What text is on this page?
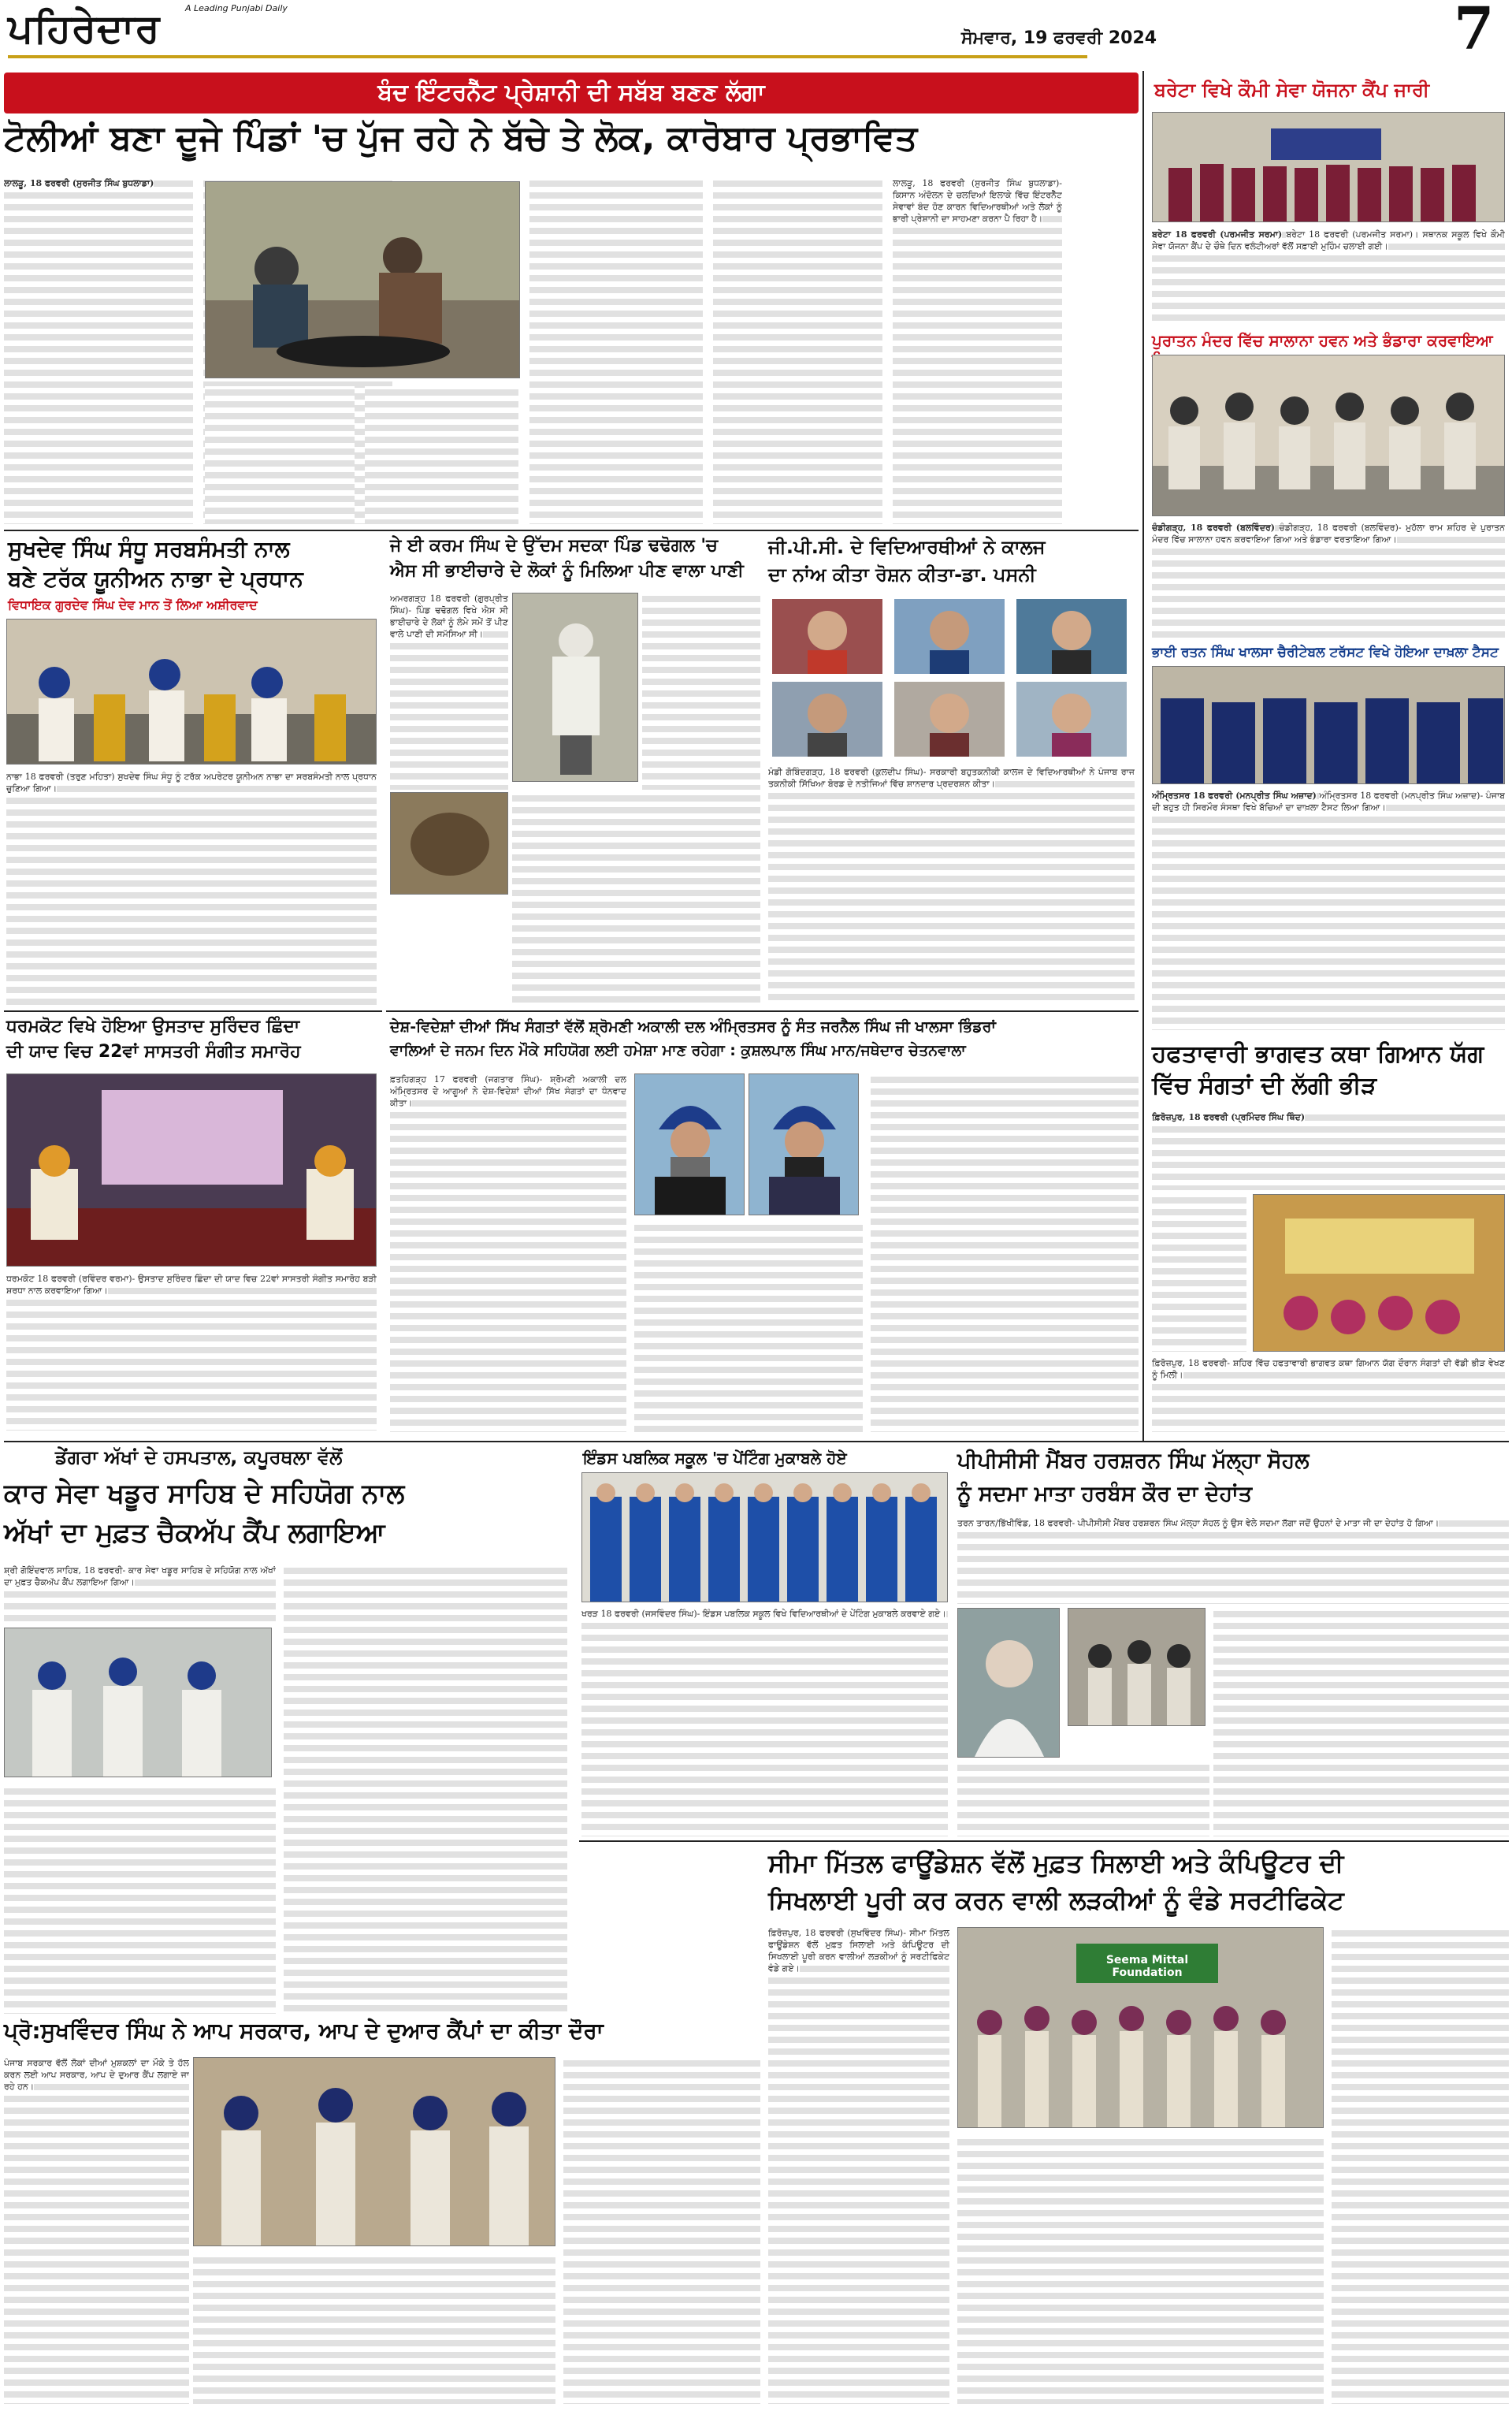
ਪਹਿਰੇਦਾਰ	A Leading Punjabi Daily
ਸੋਮਵਾਰ, 19 ਫਰਵਰੀ 2024	7
ਬੰਦ ਇੰਟਰਨੈੱਟ ਪ੍ਰੇਸ਼ਾਨੀ ਦੀ ਸਬੱਬ ਬਣਣ ਲੱਗਾ
ਟੋਲੀਆਂ ਬਣਾ ਦੂਜੇ ਪਿੰਡਾਂ 'ਚ ਪੁੱਜ ਰਹੇ ਨੇ ਬੱਚੇ ਤੇ ਲੋਕ, ਕਾਰੋਬਾਰ ਪ੍ਰਭਾਵਿਤ
ਲਾਲੜੂ, 18 ਫਰਵਰੀ (ਸੁਰਜੀਤ ਸਿੰਘ ਬੁਧਲਾਡਾ)	ਲਾਲੜੂ, 18 ਫਰਵਰੀ (ਸੁਰਜੀਤ ਸਿੰਘ ਬੁਧਲਾਡਾ)- ਕਿਸਾਨ ਅੰਦੋਲਨ ਦੇ ਚਲਦਿਆਂ ਇਲਾਕੇ ਵਿੱਚ ਇੰਟਰਨੈੱਟ ਸੇਵਾਵਾਂ ਬੰਦ ਹੋਣ ਕਾਰਨ ਵਿਦਿਆਰਥੀਆਂ ਅਤੇ ਲੋਕਾਂ ਨੂੰ ਭਾਰੀ ਪ੍ਰੇਸ਼ਾਨੀ ਦਾ ਸਾਹਮਣਾ ਕਰਨਾ ਪੈ ਰਿਹਾ ਹੈ।
ਬਰੇਟਾ ਵਿਖੇ ਕੌਮੀ ਸੇਵਾ ਯੋਜਨਾ ਕੈਂਪ ਜਾਰੀ
ਬਰੇਟਾ 18 ਫਰਵਰੀ (ਪਰਮਜੀਤ ਸਰਮਾ) ਬਰੇਟਾ 18 ਫਰਵਰੀ (ਪਰਮਜੀਤ ਸਰਮਾ)। ਸਥਾਨਕ ਸਕੂਲ ਵਿਖੇ ਕੌਮੀ ਸੇਵਾ ਯੋਜਨਾ ਕੈਂਪ ਦੇ ਚੌਥੇ ਦਿਨ ਵਲੰਟੀਅਰਾਂ ਵੱਲੋਂ ਸਫ਼ਾਈ ਮੁਹਿੰਮ ਚਲਾਈ ਗਈ।
ਪੁਰਾਤਨ ਮੰਦਰ ਵਿੱਚ ਸਾਲਾਨਾ ਹਵਨ ਅਤੇ ਭੰਡਾਰਾ ਕਰਵਾਇਆ
ਚੰਡੀਗੜ੍ਹ, 18 ਫਰਵਰੀ (ਬਲਵਿੰਦਰ) ਚੰਡੀਗੜ੍ਹ, 18 ਫਰਵਰੀ (ਬਲਵਿੰਦਰ)- ਮੁਹੱਲਾ ਰਾਮ ਸ਼ਹਿਰ ਦੇ ਪੁਰਾਤਨ ਮੰਦਰ ਵਿੱਚ ਸਾਲਾਨਾ ਹਵਨ ਕਰਵਾਇਆ ਗਿਆ ਅਤੇ ਭੰਡਾਰਾ ਵਰਤਾਇਆ ਗਿਆ।
ਭਾਈ ਰਤਨ ਸਿੰਘ ਖਾਲਸਾ ਚੈਰੀਟੇਬਲ ਟਰੱਸਟ ਵਿਖੇ ਹੋਇਆ ਦਾਖ਼ਲਾ ਟੈਸਟ
ਅੰਮ੍ਰਿਤਸਰ 18 ਫਰਵਰੀ (ਮਨਪ੍ਰੀਤ ਸਿੰਘ ਅਜ਼ਾਦ) ਅੰਮ੍ਰਿਤਸਰ 18 ਫਰਵਰੀ (ਮਨਪ੍ਰੀਤ ਸਿੰਘ ਅਜ਼ਾਦ)- ਪੰਜਾਬ ਦੀ ਬਹੁਤ ਹੀ ਸਿਰਮੌਰ ਸੰਸਥਾ ਵਿਖੇ ਬੱਚਿਆਂ ਦਾ ਦਾਖ਼ਲਾ ਟੈਸਟ ਲਿਆ ਗਿਆ।
ਹਫਤਾਵਾਰੀ ਭਾਗਵਤ ਕਥਾ ਗਿਆਨ ਯੱਗ ਵਿੱਚ ਸੰਗਤਾਂ ਦੀ ਲੱਗੀ ਭੀੜ
ਫ਼ਿਰੋਜ਼ਪੁਰ, 18 ਫਰਵਰੀ (ਪ੍ਰਮਿੰਦਰ ਸਿੰਘ ਥਿੰਦ)
ਫ਼ਿਰੋਜ਼ਪੁਰ, 18 ਫਰਵਰੀ- ਸ਼ਹਿਰ ਵਿੱਚ ਹਫਤਾਵਾਰੀ ਭਾਗਵਤ ਕਥਾ ਗਿਆਨ ਯੱਗ ਦੌਰਾਨ ਸੰਗਤਾਂ ਦੀ ਵੱਡੀ ਭੀੜ ਵੇਖਣ ਨੂੰ ਮਿਲੀ।
ਸੁਖਦੇਵ ਸਿੰਘ ਸੰਧੂ ਸਰਬਸੰਮਤੀ ਨਾਲ
ਬਣੇ ਟਰੱਕ ਯੂਨੀਅਨ ਨਾਭਾ ਦੇ ਪ੍ਰਧਾਨ
ਵਿਧਾਇਕ ਗੁਰਦੇਵ ਸਿੰਘ ਦੇਵ ਮਾਨ ਤੋਂ ਲਿਆ ਅਸ਼ੀਰਵਾਦ
ਨਾਭਾ 18 ਫਰਵਰੀ (ਤਰੁਣ ਮਹਿਤਾ) ਸੁਖਦੇਵ ਸਿੰਘ ਸੰਧੂ ਨੂੰ ਟਰੱਕ ਅਪਰੇਟਰ ਯੂਨੀਅਨ ਨਾਭਾ ਦਾ ਸਰਬਸੰਮਤੀ ਨਾਲ ਪ੍ਰਧਾਨ ਚੁਣਿਆ ਗਿਆ।
ਜੇ ਈ ਕਰਮ ਸਿੰਘ ਦੇ ਉੱਦਮ ਸਦਕਾ ਪਿੰਡ ਢਢੋਗਲ 'ਚ
ਐਸ ਸੀ ਭਾਈਚਾਰੇ ਦੇ ਲੋਕਾਂ ਨੂੰ ਮਿਲਿਆ ਪੀਣ ਵਾਲਾ ਪਾਣੀ
ਅਮਰਗੜ੍ਹ 18 ਫਰਵਰੀ (ਗੁਰਪ੍ਰੀਤ ਸਿੰਘ)- ਪਿੰਡ ਢਢੋਗਲ ਵਿਖੇ ਐਸ ਸੀ ਭਾਈਚਾਰੇ ਦੇ ਲੋਕਾਂ ਨੂੰ ਲੰਮੇ ਸਮੇਂ ਤੋਂ ਪੀਣ ਵਾਲੇ ਪਾਣੀ ਦੀ ਸਮੱਸਿਆ ਸੀ।
ਜੀ.ਪੀ.ਸੀ. ਦੇ ਵਿਦਿਆਰਥੀਆਂ ਨੇ ਕਾਲਜ
ਦਾ ਨਾਂਅ ਕੀਤਾ ਰੋਸ਼ਨ ਕੀਤਾ-ਡਾ. ਪਸਨੀ
ਮੰਡੀ ਗੋਬਿੰਦਗੜ੍ਹ, 18 ਫਰਵਰੀ (ਕੁਲਦੀਪ ਸਿੰਘ)- ਸਰਕਾਰੀ ਬਹੁਤਕਨੀਕੀ ਕਾਲਜ ਦੇ ਵਿਦਿਆਰਥੀਆਂ ਨੇ ਪੰਜਾਬ ਰਾਜ ਤਕਨੀਕੀ ਸਿੱਖਿਆ ਬੋਰਡ ਦੇ ਨਤੀਜਿਆਂ ਵਿੱਚ ਸ਼ਾਨਦਾਰ ਪ੍ਰਦਰਸ਼ਨ ਕੀਤਾ।
ਧਰਮਕੋਟ ਵਿਖੇ ਹੋਇਆ ਉਸਤਾਦ ਸੁਰਿੰਦਰ ਛਿੰਦਾ
ਦੀ ਯਾਦ ਵਿਚ 22ਵਾਂ ਸਾਸਤਰੀ ਸੰਗੀਤ ਸਮਾਰੋਹ
ਧਰਮਕੋਟ 18 ਫਰਵਰੀ (ਰਵਿੰਦਰ ਵਰਮਾ)- ਉਸਤਾਦ ਸੁਰਿੰਦਰ ਛਿੰਦਾ ਦੀ ਯਾਦ ਵਿਚ 22ਵਾਂ ਸਾਸਤਰੀ ਸੰਗੀਤ ਸਮਾਰੋਹ ਬੜੀ ਸ਼ਰਧਾ ਨਾਲ ਕਰਵਾਇਆ ਗਿਆ।
ਦੇਸ਼-ਵਿਦੇਸ਼ਾਂ ਦੀਆਂ ਸਿੱਖ ਸੰਗਤਾਂ ਵੱਲੋਂ ਸ਼੍ਰੋਮਣੀ ਅਕਾਲੀ ਦਲ ਅੰਮ੍ਰਿਤਸਰ ਨੂੰ ਸੰਤ ਜਰਨੈਲ ਸਿੰਘ ਜੀ ਖਾਲਸਾ ਭਿੰਡਰਾਂ
ਵਾਲਿਆਂ ਦੇ ਜਨਮ ਦਿਨ ਮੌਕੇ ਸਹਿਯੋਗ ਲਈ ਹਮੇਸ਼ਾ ਮਾਣ ਰਹੇਗਾ : ਕੁਸ਼ਲਪਾਲ ਸਿੰਘ ਮਾਨ/ਜਥੇਦਾਰ ਚੇਤਨਵਾਲਾ
ਫ਼ਤਹਿਗੜ੍ਹ 17 ਫਰਵਰੀ (ਜਗਤਾਰ ਸਿੰਘ)- ਸ਼੍ਰੋਮਣੀ ਅਕਾਲੀ ਦਲ ਅੰਮ੍ਰਿਤਸਰ ਦੇ ਆਗੂਆਂ ਨੇ ਦੇਸ਼-ਵਿਦੇਸ਼ਾਂ ਦੀਆਂ ਸਿੱਖ ਸੰਗਤਾਂ ਦਾ ਧੰਨਵਾਦ ਕੀਤਾ।
ਡੇਂਗਰਾ ਅੱਖਾਂ ਦੇ ਹਸਪਤਾਲ, ਕਪੂਰਥਲਾ ਵੱਲੋਂ
ਕਾਰ ਸੇਵਾ ਖਡੂਰ ਸਾਹਿਬ ਦੇ ਸਹਿਯੋਗ ਨਾਲ
ਅੱਖਾਂ ਦਾ ਮੁਫ਼ਤ ਚੈਕਅੱਪ ਕੈਂਪ ਲਗਾਇਆ
ਸ਼੍ਰੀ ਗੋਇੰਦਵਾਲ ਸਾਹਿਬ, 18 ਫਰਵਰੀ- ਕਾਰ ਸੇਵਾ ਖਡੂਰ ਸਾਹਿਬ ਦੇ ਸਹਿਯੋਗ ਨਾਲ ਅੱਖਾਂ ਦਾ ਮੁਫ਼ਤ ਚੈਕਅੱਪ ਕੈਂਪ ਲਗਾਇਆ ਗਿਆ।
ਇੰਡਸ ਪਬਲਿਕ ਸਕੂਲ 'ਚ ਪੇਂਟਿੰਗ ਮੁਕਾਬਲੇ ਹੋਏ
ਖਰੜ 18 ਫਰਵਰੀ (ਜਸਵਿੰਦਰ ਸਿੰਘ)- ਇੰਡਸ ਪਬਲਿਕ ਸਕੂਲ ਵਿਖੇ ਵਿਦਿਆਰਥੀਆਂ ਦੇ ਪੇਂਟਿੰਗ ਮੁਕਾਬਲੇ ਕਰਵਾਏ ਗਏ।
ਪੀਪੀਸੀਸੀ ਮੈਂਬਰ ਹਰਸ਼ਰਨ ਸਿੰਘ ਮੱਲ੍ਹਾ ਸੋਹਲ
ਨੂੰ ਸਦਮਾ ਮਾਤਾ ਹਰਬੰਸ ਕੌਰ ਦਾ ਦੇਹਾਂਤ
ਤਰਨ ਤਾਰਨ/ਭਿੱਖੀਵਿੰਡ, 18 ਫਰਵਰੀ- ਪੀਪੀਸੀਸੀ ਮੈਂਬਰ ਹਰਸ਼ਰਨ ਸਿੰਘ ਮੱਲ੍ਹਾ ਸੋਹਲ ਨੂੰ ਉਸ ਵੇਲੇ ਸਦਮਾ ਲੱਗਾ ਜਦੋਂ ਉਹਨਾਂ ਦੇ ਮਾਤਾ ਜੀ ਦਾ ਦੇਹਾਂਤ ਹੋ ਗਿਆ।
ਪ੍ਰੋ:ਸੁਖਵਿੰਦਰ ਸਿੰਘ ਨੇ ਆਪ ਸਰਕਾਰ, ਆਪ ਦੇ ਦੁਆਰ ਕੈਂਪਾਂ ਦਾ ਕੀਤਾ ਦੌਰਾ
ਪੰਜਾਬ ਸਰਕਾਰ ਵੱਲੋਂ ਲੋਕਾਂ ਦੀਆਂ ਮੁਸ਼ਕਲਾਂ ਦਾ ਮੌਕੇ ਤੇ ਹੱਲ ਕਰਨ ਲਈ ਆਪ ਸਰਕਾਰ, ਆਪ ਦੇ ਦੁਆਰ ਕੈਂਪ ਲਗਾਏ ਜਾ ਰਹੇ ਹਨ।
ਸੀਮਾ ਮਿੱਤਲ ਫਾਊਂਡੇਸ਼ਨ ਵੱਲੋਂ ਮੁਫ਼ਤ ਸਿਲਾਈ ਅਤੇ ਕੰਪਿਊਟਰ ਦੀ
ਸਿਖਲਾਈ ਪੂਰੀ ਕਰ ਕਰਨ ਵਾਲੀ ਲੜਕੀਆਂ ਨੂੰ ਵੰਡੇ ਸਰਟੀਫਿਕੇਟ
ਫ਼ਿਰੋਜ਼ਪੁਰ, 18 ਫਰਵਰੀ (ਸੁਖਵਿੰਦਰ ਸਿੰਘ)- ਸੀਮਾ ਮਿੱਤਲ ਫਾਊਂਡੇਸ਼ਨ ਵੱਲੋਂ ਮੁਫ਼ਤ ਸਿਲਾਈ ਅਤੇ ਕੰਪਿਊਟਰ ਦੀ ਸਿਖਲਾਈ ਪੂਰੀ ਕਰਨ ਵਾਲੀਆਂ ਲੜਕੀਆਂ ਨੂੰ ਸਰਟੀਫਿਕੇਟ ਵੰਡੇ ਗਏ।
Seema Mittal Foundation
